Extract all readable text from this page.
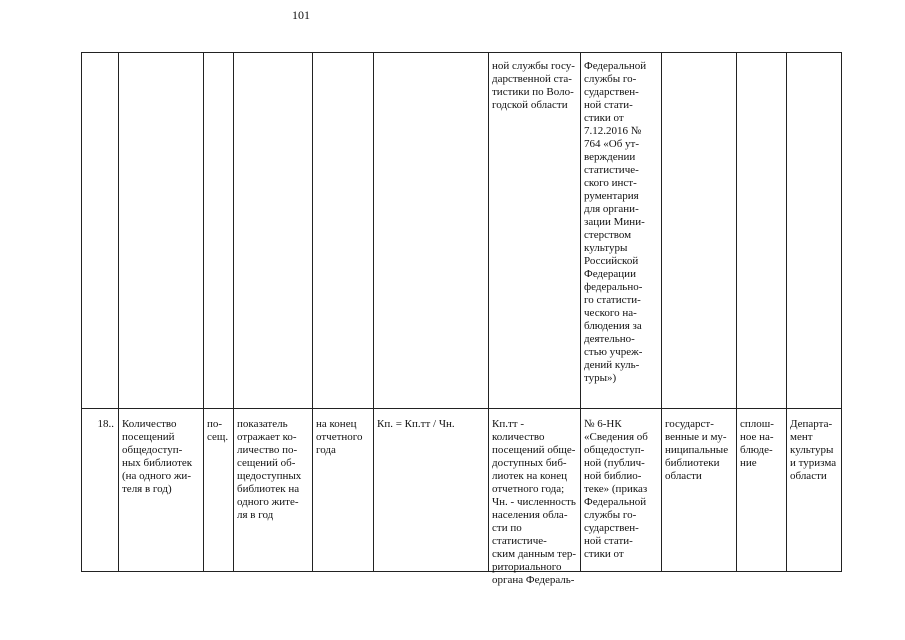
101
ной службы госу-
дарственной ста-
тистики по Воло-
годской области
Федеральной
службы го-
сударствен-
ной стати-
стики от
7.12.2016 №
764 «Об ут-
верждении
статистиче-
ского инст-
рументария
для органи-
зации Мини-
стерством
культуры
Российской
Федерации
федерально-
го статисти-
ческого на-
блюдения за
деятельно-
стью учреж-
дений куль-
туры»)
18.. Количество
посещений
общедоступ-
ных библиотек
(на одного жи-
теля в год)
по-
сещ.
показатель
отражает ко-
личество по-
сещений об-
щедоступных
библиотек на
одного жите-
ля в год
на конец
отчетного
года
Кп. = Кп.тт / Чн.	Кп.тт - количество
посещений обще-
доступных биб-
лиотек на конец
отчетного года;
Чн. - численность
населения обла-
сти по статистиче-
ским данным тер-
риториального
органа Федераль-
№ 6-НК
«Сведения об
общедоступ-
ной (публич-
ной библио-
теке» (приказ
Федеральной
службы го-
сударствен-
ной стати-
стики от
государст-
венные и му-
ниципальные
библиотеки
области
сплош-
ное на-
блюде-
ние
Департа-
мент
культуры
и туризма
области
